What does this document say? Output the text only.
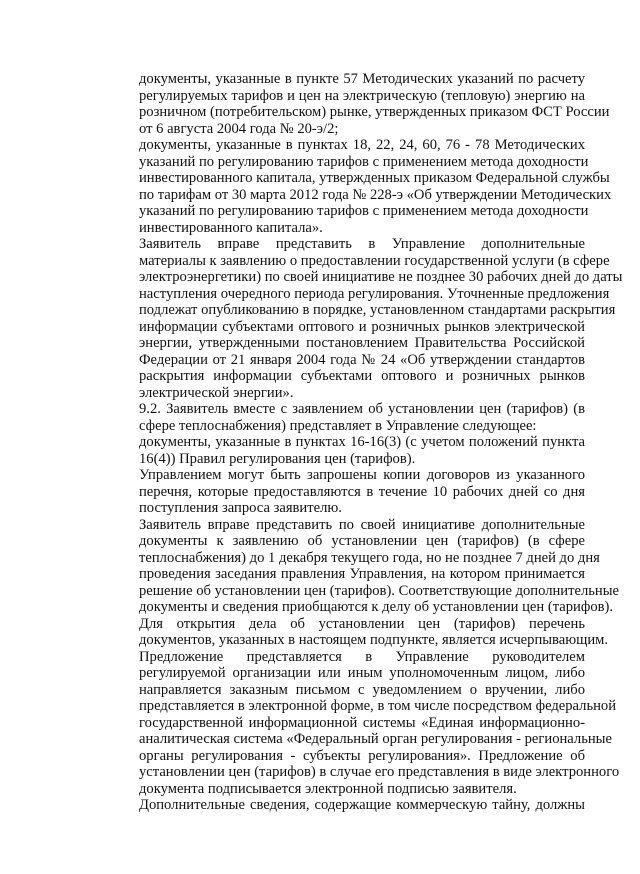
документы, указанные в пункте 57 Методических указаний по расчету
регулируемых тарифов и цен на электрическую (тепловую) энергию на
розничном (потребительском) рынке, утвержденных приказом ФСТ России
от 6 августа 2004 года № 20-э/2;

документы, указанные в пунктах 18, 22, 24, 60, 76 - 78 Методических
указаний по регулированию тарифов с применением метода доходности
инвестированного капитала, утвержденных приказом Федеральной службы
по тарифам от 30 марта 2012 года № 228-э «Об утверждении Методических
указаний по регулированию тарифов с применением метода доходности
инвестированного капитала».

Заявитель вправе представить в Управление дополнительные
материалы к заявлению о предоставлении государственной услуги (в сфере
электроэнергетики) по своей инициативе не позднее 30 рабочих дней до даты
наступления очередного периода регулирования. Уточненные предложения
подлежат опубликованию в порядке, установленном стандартами раскрытия
информации субъектами оптового и розничных рынков электрической
энергии, утвержденными постановлением Правительства Российской
Федерации от 21 января 2004 года № 24 «Об утверждении стандартов
раскрытия информации субъектами оптового и розничных рынков
электрической энергии».

9.2. Заявитель вместе с заявлением об установлении цен (тарифов) (в
сфере теплоснабжения) представляет в Управление следующее:

документы, указанные в пунктах 16-16(3) (с учетом положений пункта
16(4)) Правил регулирования цен (тарифов).

Управлением могут быть запрошены копии договоров из указанного
перечня, которые предоставляются в течение 10 рабочих дней со дня
поступления запроса заявителю.

Заявитель вправе представить по своей инициативе дополнительные
документы к заявлению об установлении цен (тарифов) (в сфере
теплоснабжения) до 1 декабря текущего года, но не позднее 7 дней до дня
проведения заседания правления Управления, на котором принимается
решение об установлении цен (тарифов). Соответствующие дополнительные
документы и сведения приобщаются к делу об установлении цен (тарифов).

Для открытия дела об установлении цен (тарифов) перечень
документов, указанных в настоящем подпункте, является исчерпывающим.

Предложение представляется в Управление руководителем
регулируемой организации или иным уполномоченным лицом, либо
направляется заказным письмом с уведомлением о вручении, либо
представляется в электронной форме, в том числе посредством федеральной
государственной информационной системы «Единая информационно-
аналитическая система «Федеральный орган регулирования - региональные
органы регулирования - субъекты регулирования». Предложение об
установлении цен (тарифов) в случае его представления в виде электронного
документа подписывается электронной подписью заявителя.

Дополнительные сведения, содержащие коммерческую тайну, должны
